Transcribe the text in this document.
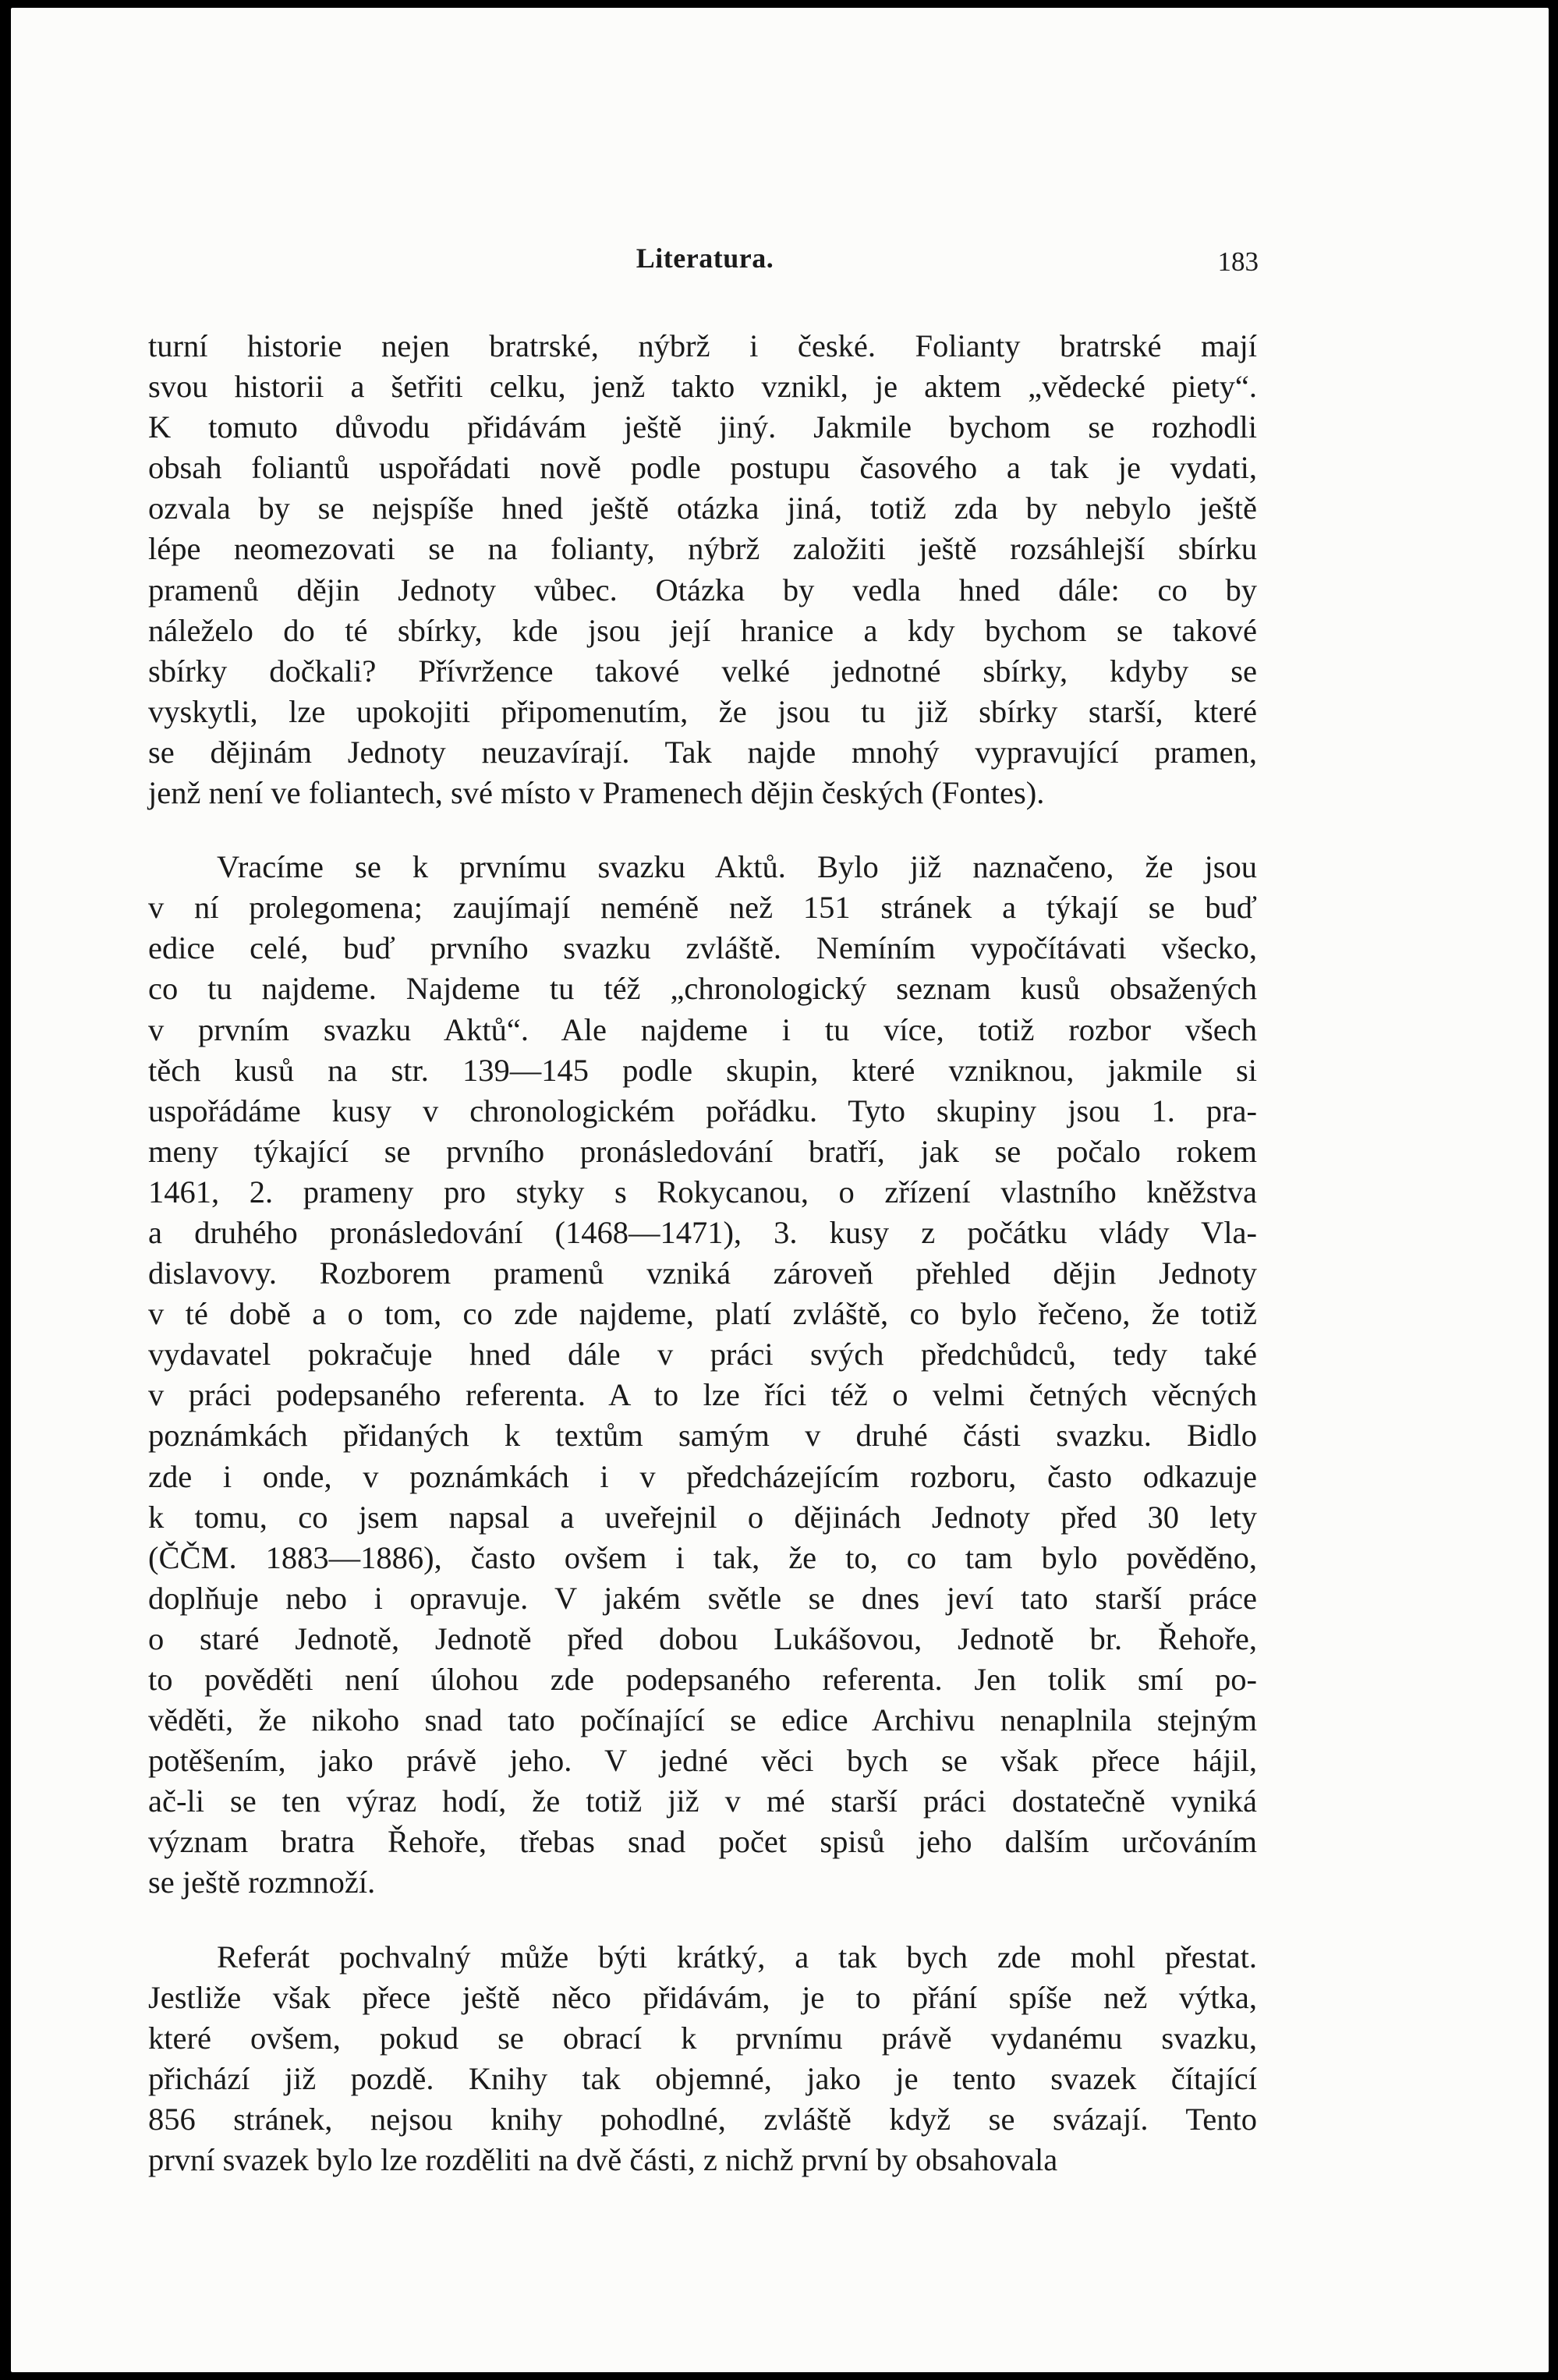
Literatura.	183
turní historie nejen bratrské, nýbrž i české. Folianty bratrské mají
svou historii a šetřiti celku, jenž takto vznikl, je aktem „vědecké piety“.
K tomuto důvodu přidávám ještě jiný. Jakmile bychom se rozhodli
obsah foliantů uspořádati nově podle postupu časového a tak je vydati,
ozvala by se nejspíše hned ještě otázka jiná, totiž zda by nebylo ještě
lépe neomezovati se na folianty, nýbrž založiti ještě rozsáhlejší sbírku
pramenů dějin Jednoty vůbec. Otázka by vedla hned dále: co by
náleželo do té sbírky, kde jsou její hranice a kdy bychom se takové
sbírky dočkali? Přívržence takové velké jednotné sbírky, kdyby se
vyskytli, lze upokojiti připomenutím, že jsou tu již sbírky starší, které
se dějinám Jednoty neuzavírají. Tak najde mnohý vypravující pramen,
jenž není ve foliantech, své místo v Pramenech dějin českých (Fontes).
Vracíme se k prvnímu svazku Aktů. Bylo již naznačeno, že jsou
v ní prolegomena; zaujímají neméně než 151 stránek a týkají se buď
edice celé, buď prvního svazku zvláště. Nemíním vypočítávati všecko,
co tu najdeme. Najdeme tu též „chronologický seznam kusů obsažených
v prvním svazku Aktů“. Ale najdeme i tu více, totiž rozbor všech
těch kusů na str. 139—145 podle skupin, které vzniknou, jakmile si
uspořádáme kusy v chronologickém pořádku. Tyto skupiny jsou 1. pra-
meny týkající se prvního pronásledování bratří, jak se počalo rokem
1461, 2. prameny pro styky s Rokycanou, o zřízení vlastního kněžstva
a druhého pronásledování (1468—1471), 3. kusy z počátku vlády Vla-
dislavovy. Rozborem pramenů vzniká zároveň přehled dějin Jednoty
v té době a o tom, co zde najdeme, platí zvláště, co bylo řečeno, že totiž
vydavatel pokračuje hned dále v práci svých předchůdců, tedy také
v práci podepsaného referenta. A to lze říci též o velmi četných věcných
poznámkách přidaných k textům samým v druhé části svazku. Bidlo
zde i onde, v poznámkách i v předcházejícím rozboru, často odkazuje
k tomu, co jsem napsal a uveřejnil o dějinách Jednoty před 30 lety
(ČČM. 1883—1886), často ovšem i tak, že to, co tam bylo pověděno,
doplňuje nebo i opravuje. V jakém světle se dnes jeví tato starší práce
o staré Jednotě, Jednotě před dobou Lukášovou, Jednotě br. Řehoře,
to pověděti není úlohou zde podepsaného referenta. Jen tolik smí po-
věděti, že nikoho snad tato počínající se edice Archivu nenaplnila stejným
potěšením, jako právě jeho. V jedné věci bych se však přece hájil,
ač-li se ten výraz hodí, že totiž již v mé starší práci dostatečně vyniká
význam bratra Řehoře, třebas snad počet spisů jeho dalším určováním
se ještě rozmnoží.
Referát pochvalný může býti krátký, a tak bych zde mohl přestat.
Jestliže však přece ještě něco přidávám, je to přání spíše než výtka,
které ovšem, pokud se obrací k prvnímu právě vydanému svazku,
přichází již pozdě. Knihy tak objemné, jako je tento svazek čítající
856 stránek, nejsou knihy pohodlné, zvláště když se svázají. Tento
první svazek bylo lze rozděliti na dvě části, z nichž první by obsahovala
